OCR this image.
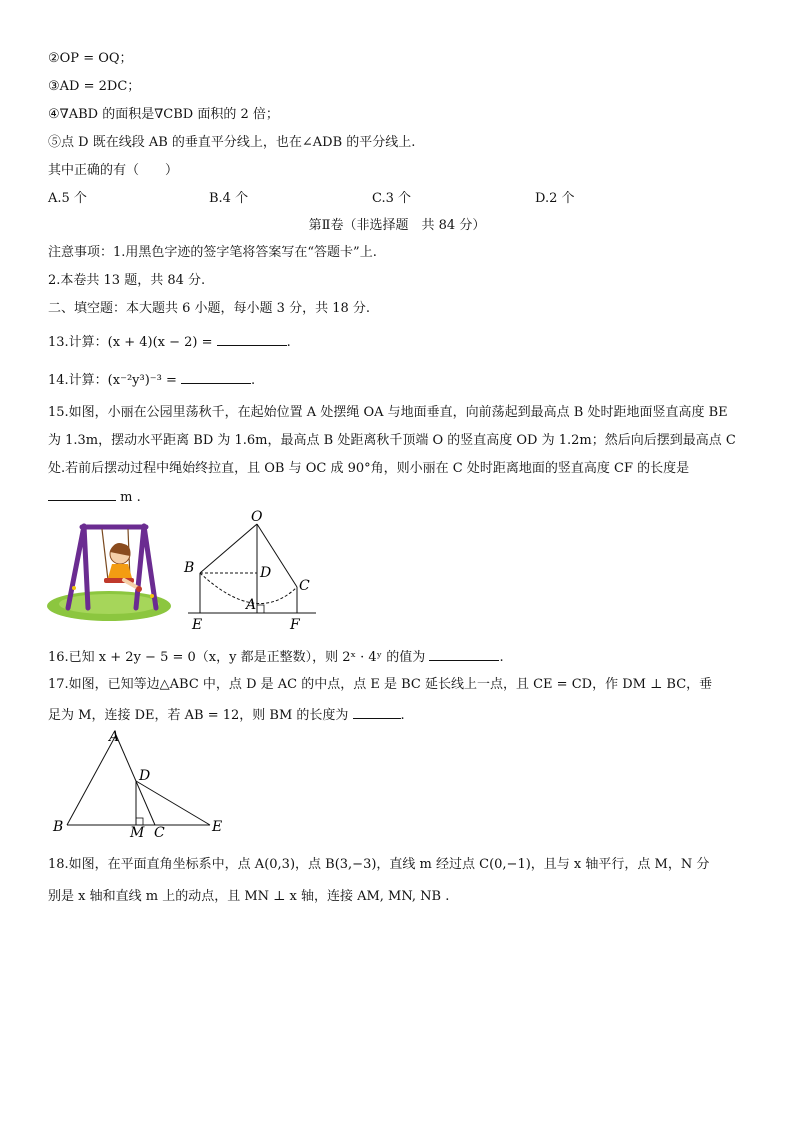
②OP = OQ；
③AD = 2DC；
④∇ABD 的面积是∇CBD 面积的 2 倍；
⑤点 D 既在线段 AB 的垂直平分线上，也在∠ADB 的平分线上.
其中正确的有（　　）
A.5 个	B.4 个	C.3 个	D.2 个
第Ⅱ卷（非选择题　共 84 分）
注意事项：1.用黑色字迹的签字笔将答案写在“答题卡”上.
2.本卷共 13 题，共 84 分.
二、填空题：本大题共 6 小题，每小题 3 分，共 18 分.
13.计算：(x + 4)(x − 2) =	.
14.计算：(x⁻²y³)⁻³ =	.
15.如图，小丽在公园里荡秋千，在起始位置 A 处摆绳 OA 与地面垂直，向前荡起到最高点 B 处时距地面竖直高度 BE
为 1.3m，摆动水平距离 BD 为 1.6m，最高点 B 处距离秋千顶端 O 的竖直高度 OD 为 1.2m；然后向后摆到最高点 C
处.若前后摆动过程中绳始终拉直，且 OB 与 OC 成 90°角，则小丽在 C 处时距离地面的竖直高度 CF 的长度是
m .
O
B	D
C
A
E	F
16.已知 x + 2y − 5 = 0（x，y 都是正整数），则 2ˣ · 4ʸ 的值为	.
17.如图，已知等边△ABC 中，点 D 是 AC 的中点，点 E 是 BC 延长线上一点，且 CE = CD，作 DM ⊥ BC，垂
足为 M，连接 DE，若 AB = 12，则 BM 的长度为	.
A
D
B	M C	E
18.如图，在平面直角坐标系中，点 A(0,3)，点 B(3,−3)，直线 m 经过点 C(0,−1)，且与 x 轴平行，点 M，N 分
别是 x 轴和直线 m 上的动点，且 MN ⊥ x 轴，连接 AM, MN, NB .
